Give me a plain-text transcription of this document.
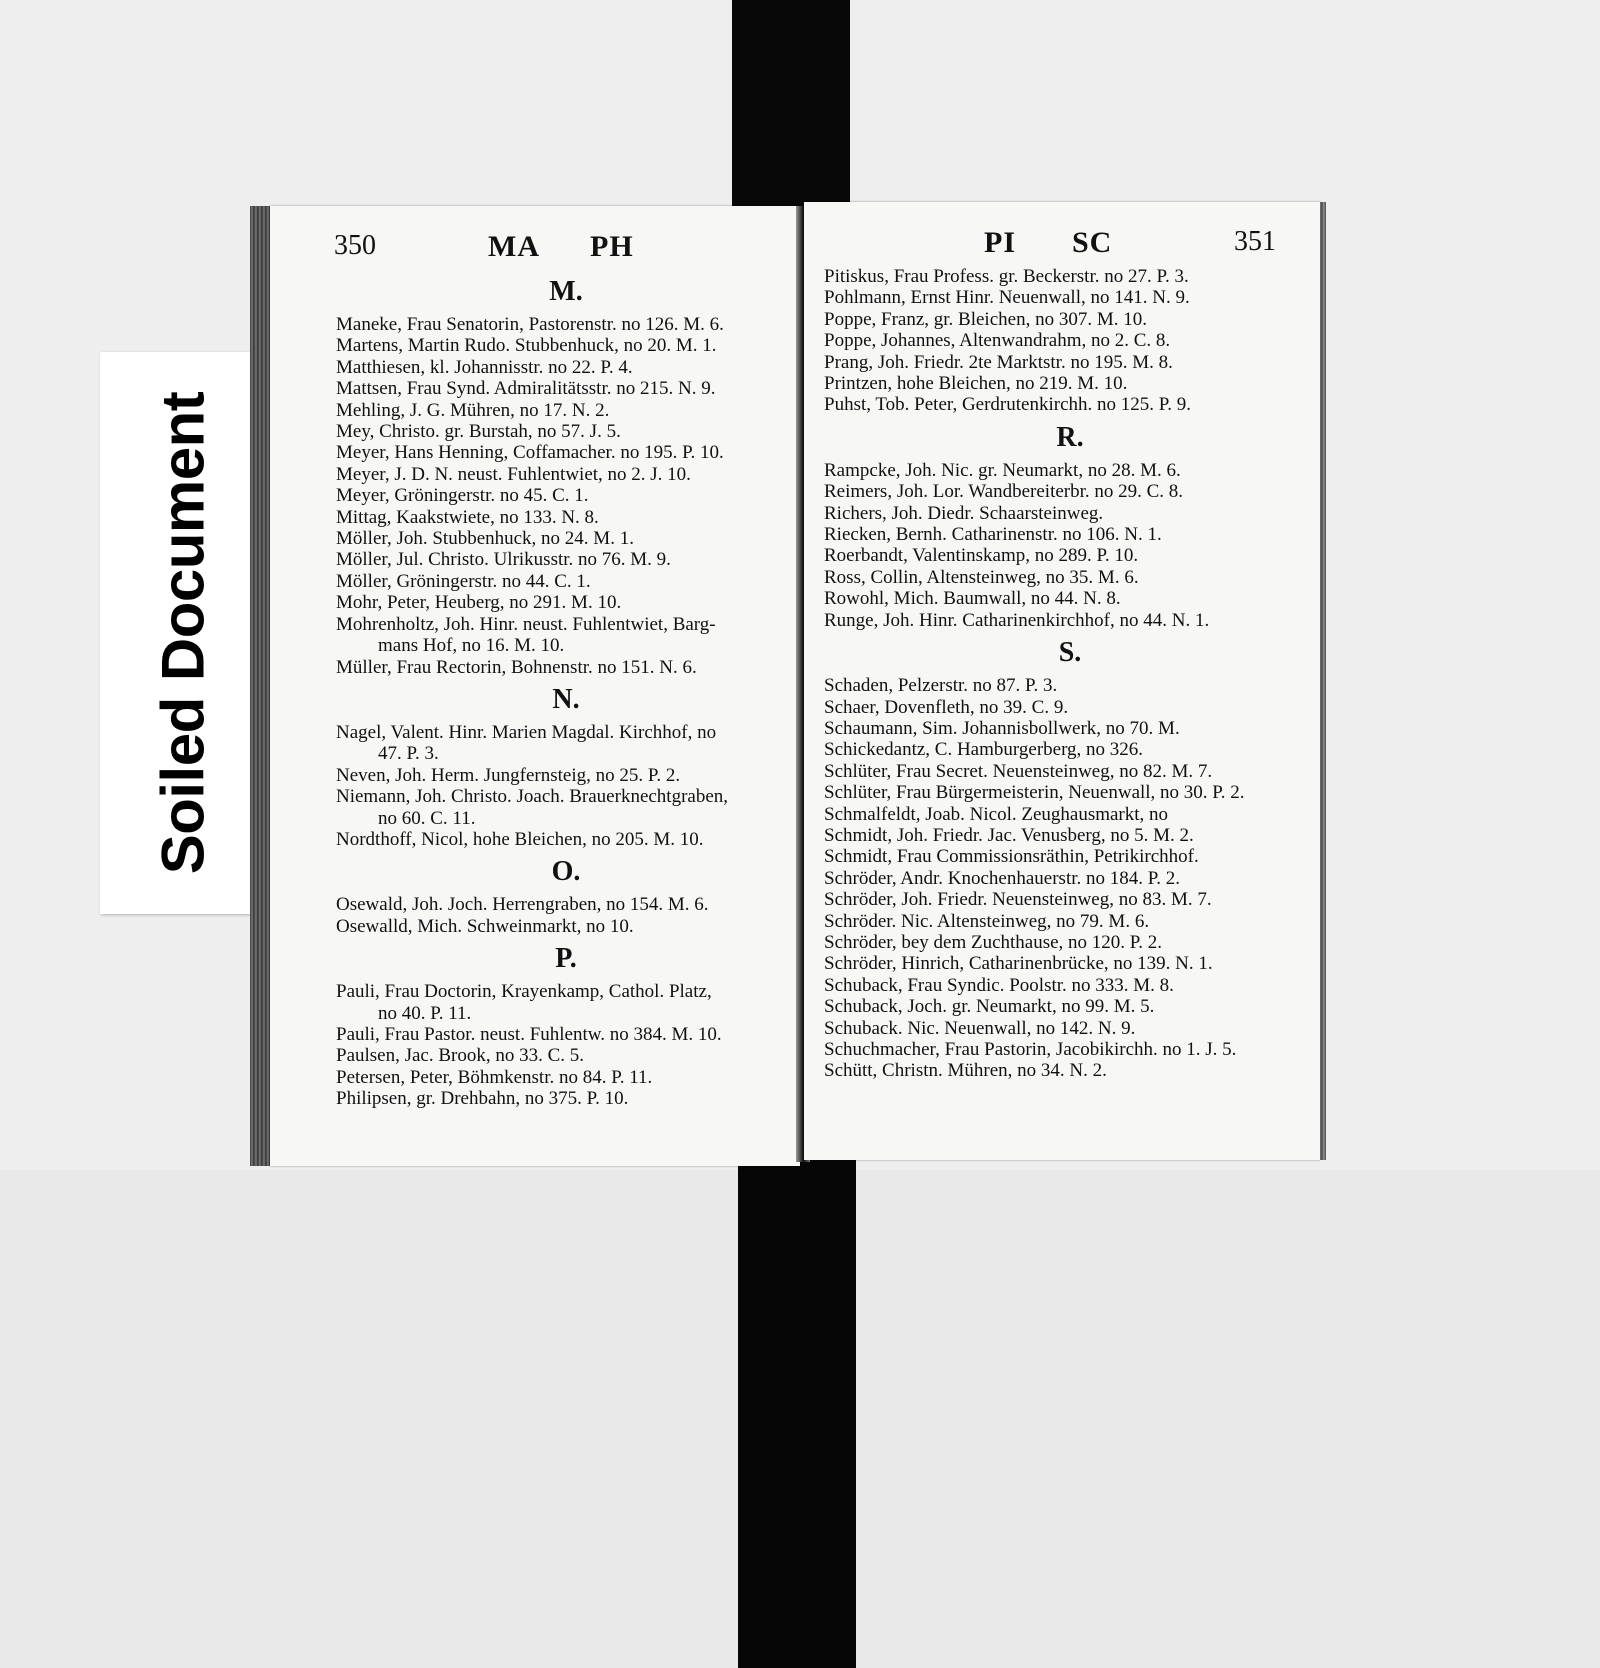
Soiled Document
350	MA PH
M.
Maneke, Frau Senatorin, Pastorenstr. no 126. M. 6.
Martens, Martin Rudo. Stubbenhuck, no 20. M. 1.
Matthiesen, kl. Johannisstr. no 22. P. 4.
Mattsen, Frau Synd. Admiralitätsstr. no 215. N. 9.
Mehling, J. G. Mühren, no 17. N. 2.
Mey, Christo. gr. Burstah, no 57. J. 5.
Meyer, Hans Henning, Coffamacher. no 195. P. 10.
Meyer, J. D. N. neust. Fuhlentwiet, no 2. J. 10.
Meyer, Gröningerstr. no 45. C. 1.
Mittag, Kaakstwiete, no 133. N. 8.
Möller, Joh. Stubbenhuck, no 24. M. 1.
Möller, Jul. Christo. Ulrikusstr. no 76. M. 9.
Möller, Gröningerstr. no 44. C. 1.
Mohr, Peter, Heuberg, no 291. M. 10.
Mohrenholtz, Joh. Hinr. neust. Fuhlentwiet, Barg-
mans Hof, no 16. M. 10.
Müller, Frau Rectorin, Bohnenstr. no 151. N. 6.
N.
Nagel, Valent. Hinr. Marien Magdal. Kirchhof, no
47. P. 3.
Neven, Joh. Herm. Jungfernsteig, no 25. P. 2.
Niemann, Joh. Christo. Joach. Brauerknechtgraben,
no 60. C. 11.
Nordthoff, Nicol, hohe Bleichen, no 205. M. 10.
O.
Osewald, Joh. Joch. Herrengraben, no 154. M. 6.
Osewalld, Mich. Schweinmarkt, no 10.
P.
Pauli, Frau Doctorin, Krayenkamp, Cathol. Platz,
no 40. P. 11.
Pauli, Frau Pastor. neust. Fuhlentw. no 384. M. 10.
Paulsen, Jac. Brook, no 33. C. 5.
Petersen, Peter, Böhmkenstr. no 84. P. 11.
Philipsen, gr. Drehbahn, no 375. P. 10.
PI SC	351
Pitiskus, Frau Profess. gr. Beckerstr. no 27. P. 3.
Pohlmann, Ernst Hinr. Neuenwall, no 141. N. 9.
Poppe, Franz, gr. Bleichen, no 307. M. 10.
Poppe, Johannes, Altenwandrahm, no 2. C. 8.
Prang, Joh. Friedr. 2te Marktstr. no 195. M. 8.
Printzen, hohe Bleichen, no 219. M. 10.
Puhst, Tob. Peter, Gerdrutenkirchh. no 125. P. 9.
R.
Rampcke, Joh. Nic. gr. Neumarkt, no 28. M. 6.
Reimers, Joh. Lor. Wandbereiterbr. no 29. C. 8.
Richers, Joh. Diedr. Schaarsteinweg.
Riecken, Bernh. Catharinenstr. no 106. N. 1.
Roerbandt, Valentinskamp, no 289. P. 10.
Ross, Collin, Altensteinweg, no 35. M. 6.
Rowohl, Mich. Baumwall, no 44. N. 8.
Runge, Joh. Hinr. Catharinenkirchhof, no 44. N. 1.
S.
Schaden, Pelzerstr. no 87. P. 3.
Schaer, Dovenfleth, no 39. C. 9.
Schaumann, Sim. Johannisbollwerk, no 70. M.
Schickedantz, C. Hamburgerberg, no 326.
Schlüter, Frau Secret. Neuensteinweg, no 82. M. 7.
Schlüter, Frau Bürgermeisterin, Neuenwall, no 30. P. 2.
Schmalfeldt, Joab. Nicol. Zeughausmarkt, no
Schmidt, Joh. Friedr. Jac. Venusberg, no 5. M. 2.
Schmidt, Frau Commissionsräthin, Petrikirchhof.
Schröder, Andr. Knochenhauerstr. no 184. P. 2.
Schröder, Joh. Friedr. Neuensteinweg, no 83. M. 7.
Schröder. Nic. Altensteinweg, no 79. M. 6.
Schröder, bey dem Zuchthause, no 120. P. 2.
Schröder, Hinrich, Catharinenbrücke, no 139. N. 1.
Schuback, Frau Syndic. Poolstr. no 333. M. 8.
Schuback, Joch. gr. Neumarkt, no 99. M. 5.
Schuback. Nic. Neuenwall, no 142. N. 9.
Schuchmacher, Frau Pastorin, Jacobikirchh. no 1. J. 5.
Schütt, Christn. Mühren, no 34. N. 2.
